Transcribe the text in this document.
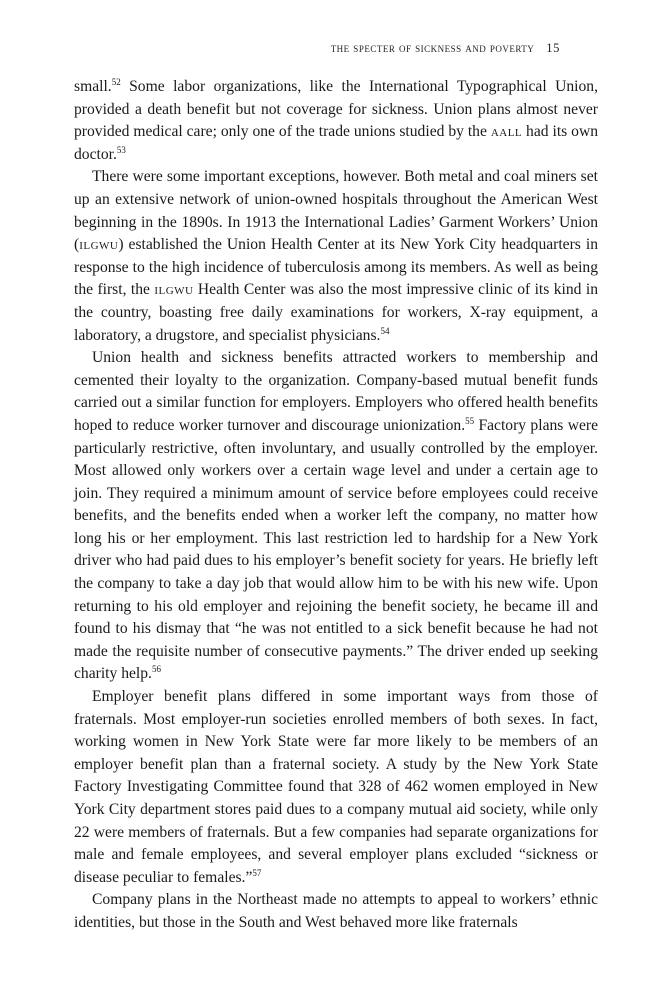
the specter of sickness and poverty 15

small.$^{52}$ Some labor organizations, like the International Typographical Union, provided a death benefit but not coverage for sickness. Union plans almost never provided medical care; only one of the trade unions studied by the aall had its own doctor.$^{53}$

There were some important exceptions, however. Both metal and coal miners set up an extensive network of union-owned hospitals throughout the American West beginning in the 1890s. In 1913 the International Ladies’ Garment Workers’ Union (ilgwu) established the Union Health Center at its New York City headquarters in response to the high incidence of tuberculosis among its members. As well as being the first, the ilgwu Health Center was also the most impressive clinic of its kind in the country, boasting free daily examinations for workers, X-ray equipment, a laboratory, a drugstore, and specialist physicians.$^{54}$

Union health and sickness benefits attracted workers to membership and cemented their loyalty to the organization. Company-based mutual benefit funds carried out a similar function for employers. Employers who offered health benefits hoped to reduce worker turnover and discourage unionization.$^{55}$ Factory plans were particularly restrictive, often involuntary, and usually controlled by the employer. Most allowed only workers over a certain wage level and under a certain age to join. They required a minimum amount of service before employees could receive benefits, and the benefits ended when a worker left the company, no matter how long his or her employment. This last restriction led to hardship for a New York driver who had paid dues to his employer’s benefit society for years. He briefly left the company to take a day job that would allow him to be with his new wife. Upon returning to his old employer and rejoining the benefit society, he became ill and found to his dismay that “he was not entitled to a sick benefit because he had not made the requisite number of consecutive payments.” The driver ended up seeking charity help.$^{56}$

Employer benefit plans differed in some important ways from those of fraternals. Most employer-run societies enrolled members of both sexes. In fact, working women in New York State were far more likely to be members of an employer benefit plan than a fraternal society. A study by the New York State Factory Investigating Committee found that 328 of 462 women employed in New York City department stores paid dues to a company mutual aid society, while only 22 were members of fraternals. But a few companies had separate organizations for male and female employees, and several employer plans excluded “sickness or disease peculiar to females.”$^{57}$

Company plans in the Northeast made no attempts to appeal to workers’ ethnic identities, but those in the South and West behaved more like fraternals
